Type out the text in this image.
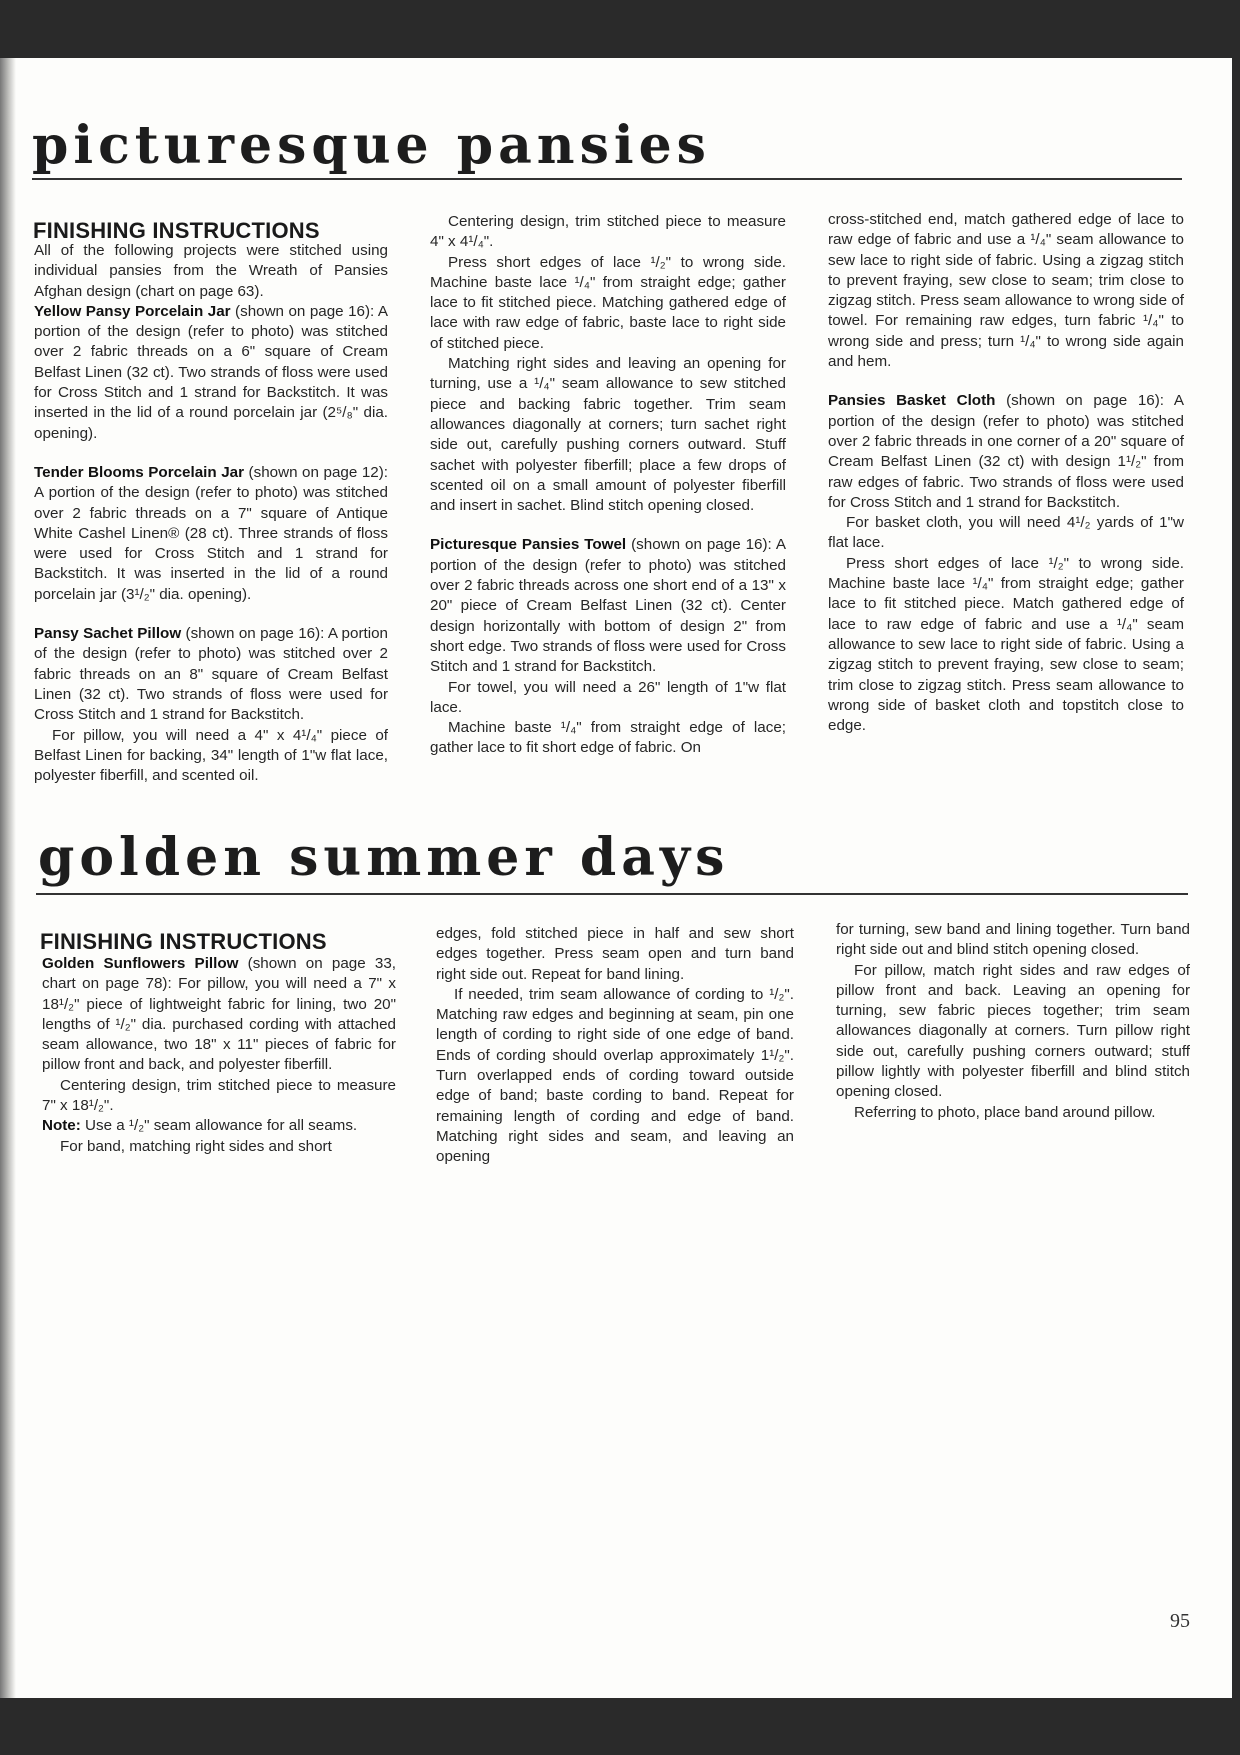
picturesque pansies
FINISHING INSTRUCTIONS

All of the following projects were stitched using individual pansies from the Wreath of Pansies Afghan design (chart on page 63).

Yellow Pansy Porcelain Jar (shown on page 16): A portion of the design (refer to photo) was stitched over 2 fabric threads on a 6" square of Cream Belfast Linen (32 ct). Two strands of floss were used for Cross Stitch and 1 strand for Backstitch. It was inserted in the lid of a round porcelain jar (2⁵/₈" dia. opening).

Tender Blooms Porcelain Jar (shown on page 12): A portion of the design (refer to photo) was stitched over 2 fabric threads on a 7" square of Antique White Cashel Linen® (28 ct). Three strands of floss were used for Cross Stitch and 1 strand for Backstitch. It was inserted in the lid of a round porcelain jar (3¹/₂" dia. opening).

Pansy Sachet Pillow (shown on page 16): A portion of the design (refer to photo) was stitched over 2 fabric threads on an 8" square of Cream Belfast Linen (32 ct). Two strands of floss were used for Cross Stitch and 1 strand for Backstitch.

For pillow, you will need a 4" x 4¹/₄" piece of Belfast Linen for backing, 34" length of 1"w flat lace, polyester fiberfill, and scented oil.

Centering design, trim stitched piece to measure 4" x 4¹/₄".

Press short edges of lace ¹/₂" to wrong side. Machine baste lace ¹/₄" from straight edge; gather lace to fit stitched piece. Matching gathered edge of lace with raw edge of fabric, baste lace to right side of stitched piece.

Matching right sides and leaving an opening for turning, use a ¹/₄" seam allowance to sew stitched piece and backing fabric together. Trim seam allowances diagonally at corners; turn sachet right side out, carefully pushing corners outward. Stuff sachet with polyester fiberfill; place a few drops of scented oil on a small amount of polyester fiberfill and insert in sachet. Blind stitch opening closed.

Picturesque Pansies Towel (shown on page 16): A portion of the design (refer to photo) was stitched over 2 fabric threads across one short end of a 13" x 20" piece of Cream Belfast Linen (32 ct). Center design horizontally with bottom of design 2" from short edge. Two strands of floss were used for Cross Stitch and 1 strand for Backstitch.

For towel, you will need a 26" length of 1"w flat lace.

Machine baste ¹/₄" from straight edge of lace; gather lace to fit short edge of fabric. On

cross-stitched end, match gathered edge of lace to raw edge of fabric and use a ¹/₄" seam allowance to sew lace to right side of fabric. Using a zigzag stitch to prevent fraying, sew close to seam; trim close to zigzag stitch. Press seam allowance to wrong side of towel. For remaining raw edges, turn fabric ¹/₄" to wrong side and press; turn ¹/₄" to wrong side again and hem.

Pansies Basket Cloth (shown on page 16): A portion of the design (refer to photo) was stitched over 2 fabric threads in one corner of a 20" square of Cream Belfast Linen (32 ct) with design 1¹/₂" from raw edges of fabric. Two strands of floss were used for Cross Stitch and 1 strand for Backstitch.

For basket cloth, you will need 4¹/₂ yards of 1"w flat lace.

Press short edges of lace ¹/₂" to wrong side. Machine baste lace ¹/₄" from straight edge; gather lace to fit stitched piece. Match gathered edge of lace to raw edge of fabric and use a ¹/₄" seam allowance to sew lace to right side of fabric. Using a zigzag stitch to prevent fraying, sew close to seam; trim close to zigzag stitch. Press seam allowance to wrong side of basket cloth and topstitch close to edge.

golden summer days
FINISHING INSTRUCTIONS

Golden Sunflowers Pillow (shown on page 33, chart on page 78): For pillow, you will need a 7" x 18¹/₂" piece of lightweight fabric for lining, two 20" lengths of ¹/₂" dia. purchased cording with attached seam allowance, two 18" x 11" pieces of fabric for pillow front and back, and polyester fiberfill.

Centering design, trim stitched piece to measure 7" x 18¹/₂".

Note: Use a ¹/₂" seam allowance for all seams.

For band, matching right sides and short

edges, fold stitched piece in half and sew short edges together. Press seam open and turn band right side out. Repeat for band lining.

If needed, trim seam allowance of cording to ¹/₂". Matching raw edges and beginning at seam, pin one length of cording to right side of one edge of band. Ends of cording should overlap approximately 1¹/₂". Turn overlapped ends of cording toward outside edge of band; baste cording to band. Repeat for remaining length of cording and edge of band. Matching right sides and seam, and leaving an opening

for turning, sew band and lining together. Turn band right side out and blind stitch opening closed.

For pillow, match right sides and raw edges of pillow front and back. Leaving an opening for turning, sew fabric pieces together; trim seam allowances diagonally at corners. Turn pillow right side out, carefully pushing corners outward; stuff pillow lightly with polyester fiberfill and blind stitch opening closed.

Referring to photo, place band around pillow.

95
